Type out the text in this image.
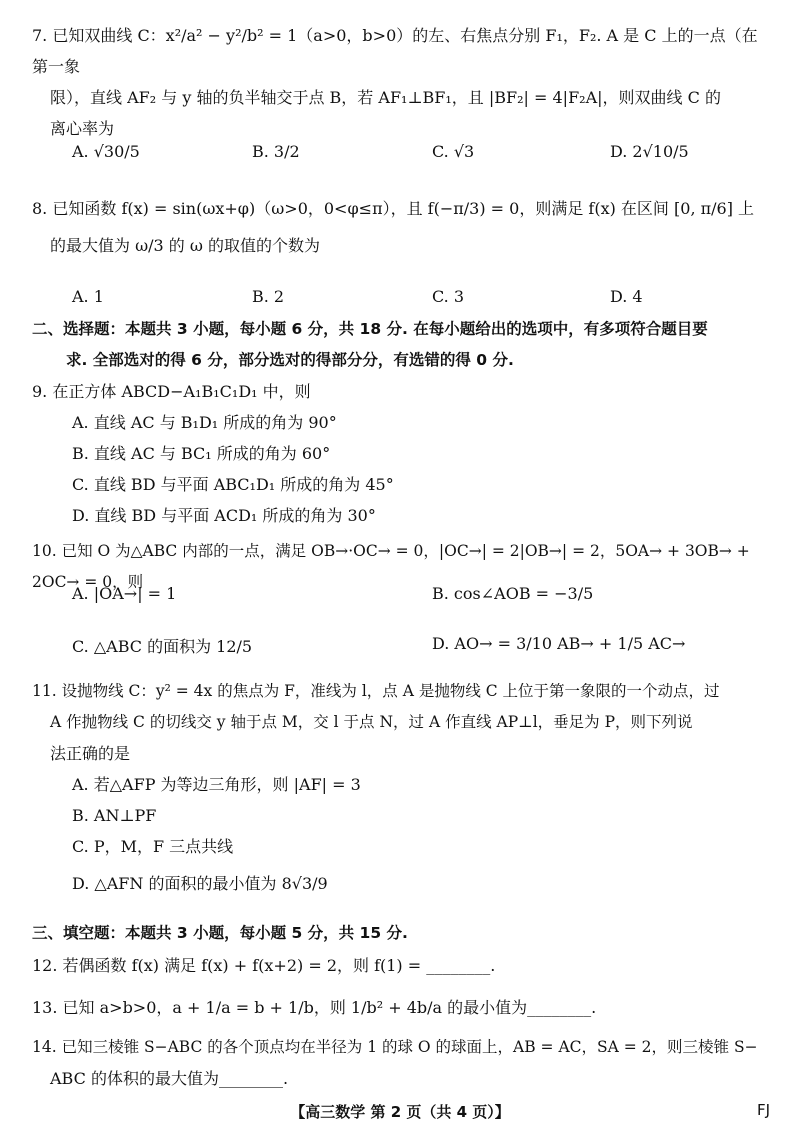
7. 已知双曲线 C：x²/a² − y²/b² = 1（a>0，b>0）的左、右焦点分别 F₁，F₂. A 是 C 上的一点（在第一象
限），直线 AF₂ 与 y 轴的负半轴交于点 B，若 AF₁⊥BF₁，且 |BF₂| = 4|F₂A|，则双曲线 C 的
离心率为
A. √30/5	B. 3/2	C. √3	D. 2√10/5
8. 已知函数 f(x) = sin(ωx+φ)（ω>0，0<φ≤π），且 f(−π/3) = 0，则满足 f(x) 在区间 [0, π/6] 上
的最大值为 ω/3 的 ω 的取值的个数为
A. 1	B. 2	C. 3	D. 4
二、选择题：本题共 3 小题，每小题 6 分，共 18 分. 在每小题给出的选项中，有多项符合题目要
求. 全部选对的得 6 分，部分选对的得部分分，有选错的得 0 分.
9. 在正方体 ABCD−A₁B₁C₁D₁ 中，则
A. 直线 AC 与 B₁D₁ 所成的角为 90°
B. 直线 AC 与 BC₁ 所成的角为 60°
C. 直线 BD 与平面 ABC₁D₁ 所成的角为 45°
D. 直线 BD 与平面 ACD₁ 所成的角为 30°
10. 已知 O 为△ABC 内部的一点，满足 OB→·OC→ = 0，|OC→| = 2|OB→| = 2，5OA→ + 3OB→ + 2OC→ = 0，则
A. |OA→| = 1	B. cos∠AOB = −3/5
C. △ABC 的面积为 12/5	D. AO→ = 3/10 AB→ + 1/5 AC→
11. 设抛物线 C：y² = 4x 的焦点为 F，准线为 l，点 A 是抛物线 C 上位于第一象限的一个动点，过
A 作抛物线 C 的切线交 y 轴于点 M，交 l 于点 N，过 A 作直线 AP⊥l，垂足为 P，则下列说
法正确的是
A. 若△AFP 为等边三角形，则 |AF| = 3
B. AN⊥PF
C. P，M，F 三点共线
D. △AFN 的面积的最小值为 8√3/9
三、填空题：本题共 3 小题，每小题 5 分，共 15 分.
12. 若偶函数 f(x) 满足 f(x) + f(x+2) = 2，则 f(1) = ________.
13. 已知 a>b>0，a + 1/a = b + 1/b，则 1/b² + 4b/a 的最小值为________.
14. 已知三棱锥 S−ABC 的各个顶点均在半径为 1 的球 O 的球面上，AB = AC，SA = 2，则三棱锥 S−
ABC 的体积的最大值为________.
【高三数学 第 2 页（共 4 页）】	FJ
